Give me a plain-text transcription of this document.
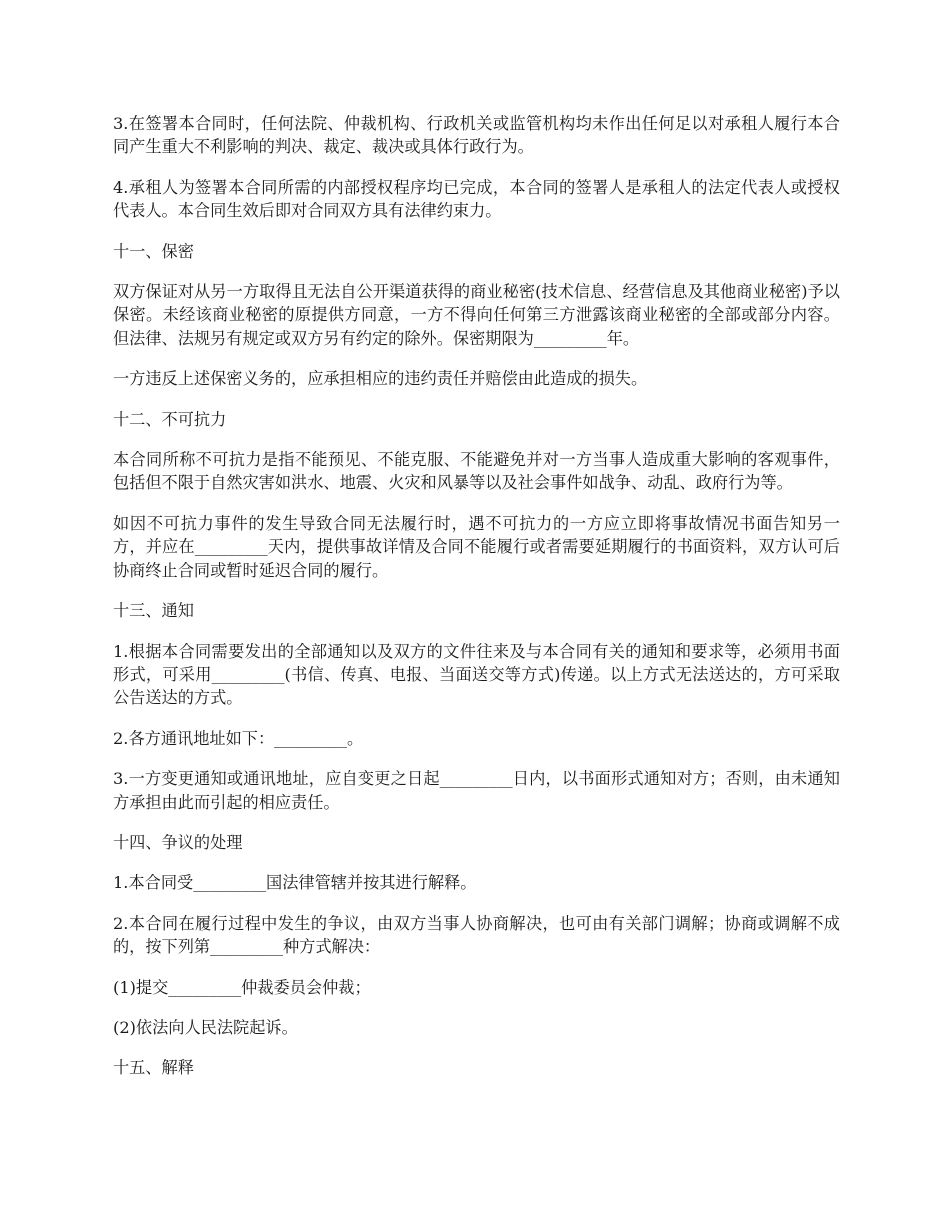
3.在签署本合同时，任何法院、仲裁机构、行政机关或监管机构均未作出任何足以对承租人履行本合同产生重大不利影响的判决、裁定、裁决或具体行政行为。

4.承租人为签署本合同所需的内部授权程序均已完成，本合同的签署人是承租人的法定代表人或授权代表人。本合同生效后即对合同双方具有法律约束力。

十一、保密

双方保证对从另一方取得且无法自公开渠道获得的商业秘密(技术信息、经营信息及其他商业秘密)予以保密。未经该商业秘密的原提供方同意，一方不得向任何第三方泄露该商业秘密的全部或部分内容。但法律、法规另有规定或双方另有约定的除外。保密期限为_________年。

一方违反上述保密义务的，应承担相应的违约责任并赔偿由此造成的损失。

十二、不可抗力

本合同所称不可抗力是指不能预见、不能克服、不能避免并对一方当事人造成重大影响的客观事件，包括但不限于自然灾害如洪水、地震、火灾和风暴等以及社会事件如战争、动乱、政府行为等。

如因不可抗力事件的发生导致合同无法履行时，遇不可抗力的一方应立即将事故情况书面告知另一方，并应在_________天内，提供事故详情及合同不能履行或者需要延期履行的书面资料，双方认可后协商终止合同或暂时延迟合同的履行。

十三、通知

1.根据本合同需要发出的全部通知以及双方的文件往来及与本合同有关的通知和要求等，必须用书面形式，可采用_________(书信、传真、电报、当面送交等方式)传递。以上方式无法送达的，方可采取公告送达的方式。

2.各方通讯地址如下：_________。

3.一方变更通知或通讯地址，应自变更之日起_________日内，以书面形式通知对方；否则，由未通知方承担由此而引起的相应责任。

十四、争议的处理

1.本合同受_________国法律管辖并按其进行解释。

2.本合同在履行过程中发生的争议，由双方当事人协商解决，也可由有关部门调解；协商或调解不成的，按下列第_________种方式解决：

(1)提交_________仲裁委员会仲裁；

(2)依法向人民法院起诉。

十五、解释
